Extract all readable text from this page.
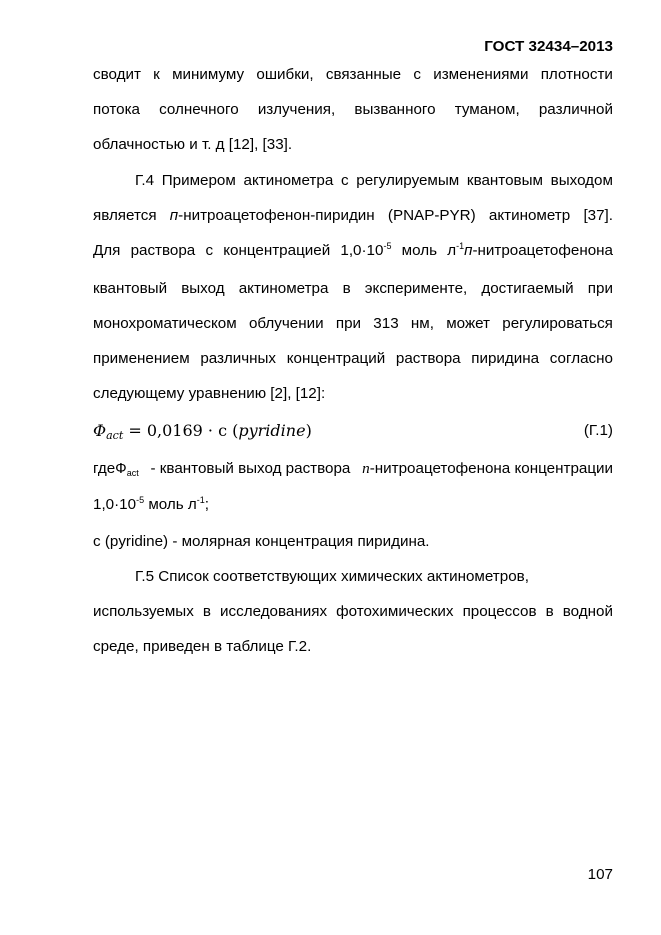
ГОСТ 32434–2013
сводит к минимуму ошибки, связанные с изменениями плотности
потока солнечного излучения, вызванного туманом, различной
облачностью и т. д [12], [33].
Г.4 Примером актинометра с регулируемым квантовым выходом
является п-нитроацетофенон-пиридин (PNAP-PYR) актинометр [37].
Для раствора с концентрацией $1,0\cdot 10^{-5}$ моль $л^{-1}п$-нитроацетофенона
квантовый выход актинометра в эксперименте, достигаемый при
монохроматическом облучении при 313 нм, может регулироваться
применением различных концентраций раствора пиридина согласно
следующему уравнению [2], [12]:
$\Phi_{act} = 0,0169 \cdot c$ (pyridine)	(Г.1)
гдеФ$_{act}$ - квантовый выход раствора п-нитроацетофенона концентрации
$1,0\cdot 10^{-5}$ моль $л^{-1}$;
с (pyridine) - молярная концентрация пиридина.
Г.5 Список соответствующих химических актинометров,
используемых в исследованиях фотохимических процессов в водной
среде, приведен в таблице Г.2.
107
